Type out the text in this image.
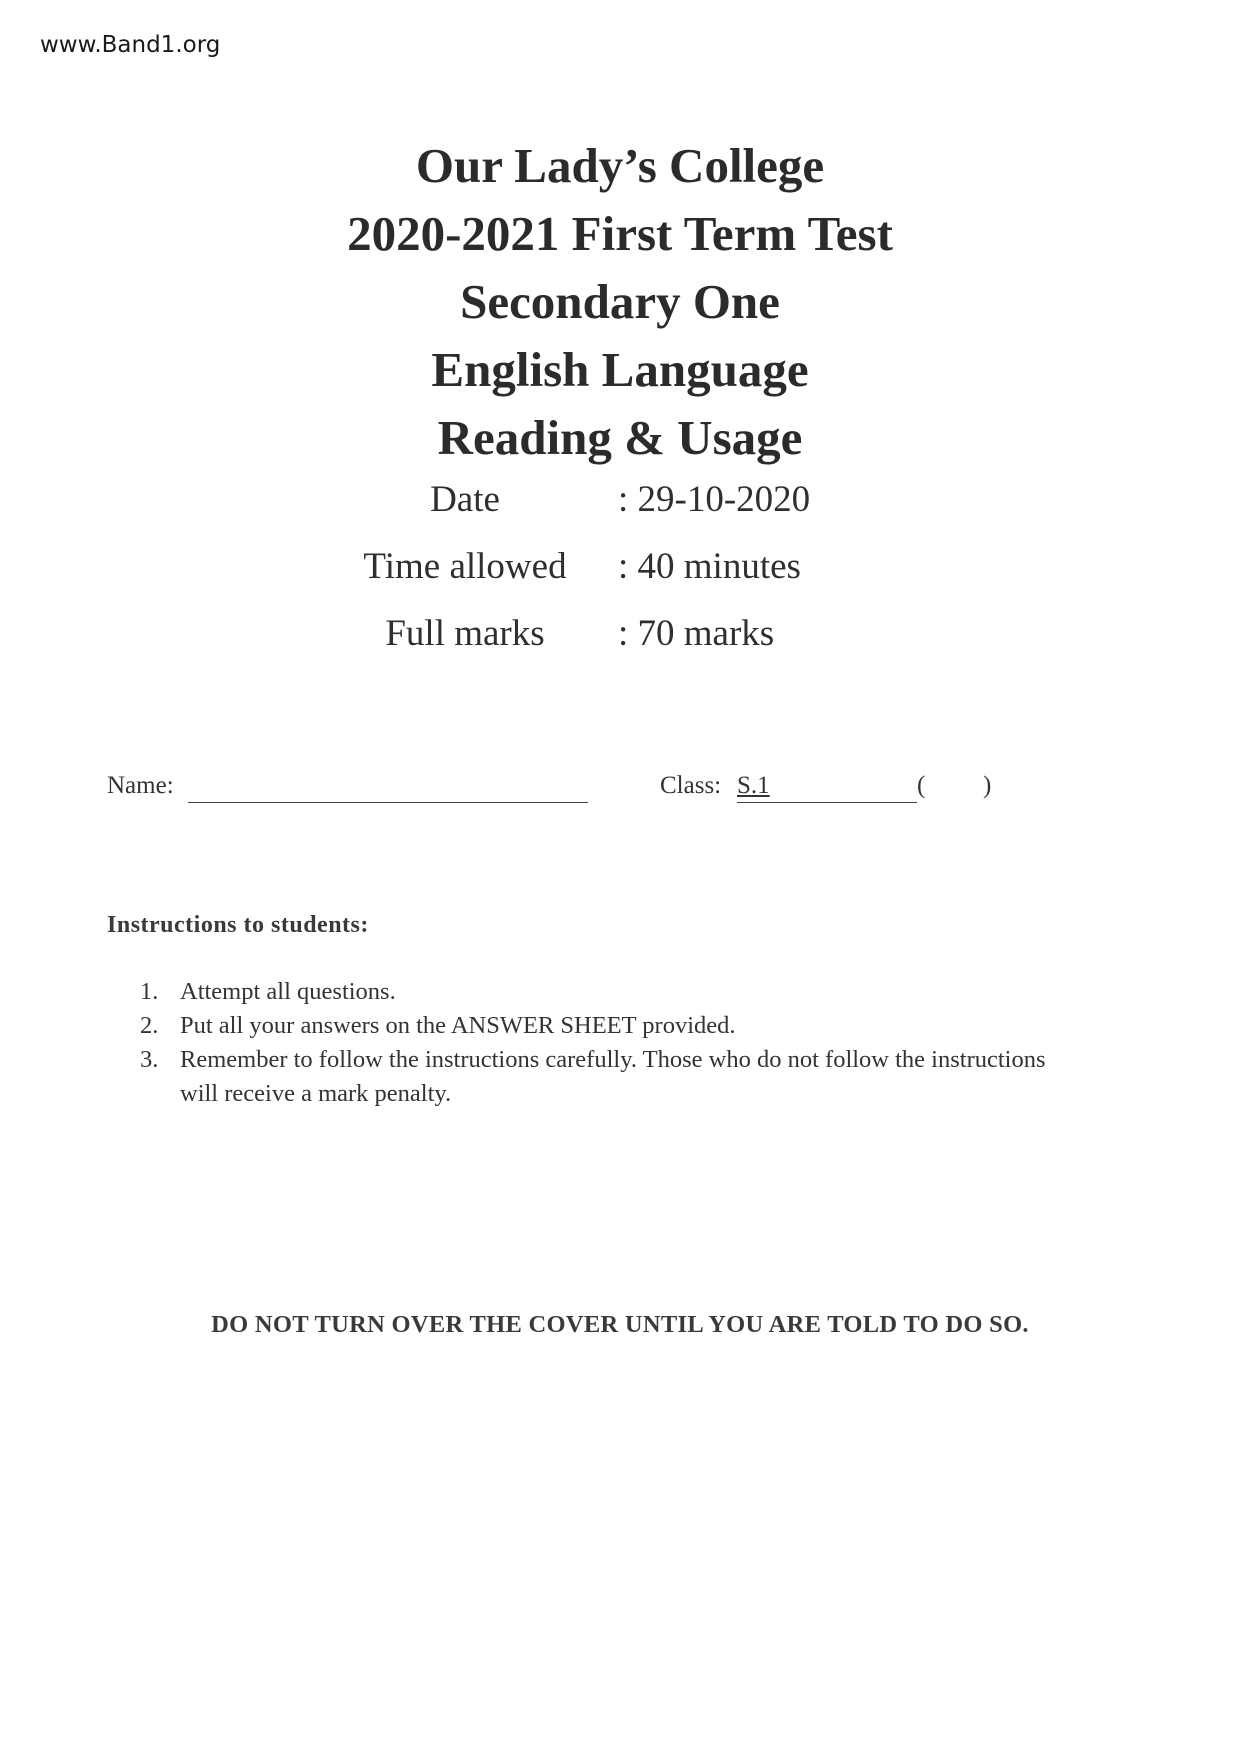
www.Band1.org
Our Lady’s College
2020-2021 First Term Test
Secondary One
English Language
Reading & Usage
Date	: 29-10-2020
Time allowed	: 40 minutes
Full marks	: 70 marks
Name:	Class: S.1	( )
Instructions to students:
1. Attempt all questions.
2. Put all your answers on the ANSWER SHEET provided.
3. Remember to follow the instructions carefully. Those who do not follow the instructions will receive a mark penalty.
DO NOT TURN OVER THE COVER UNTIL YOU ARE TOLD TO DO SO.
